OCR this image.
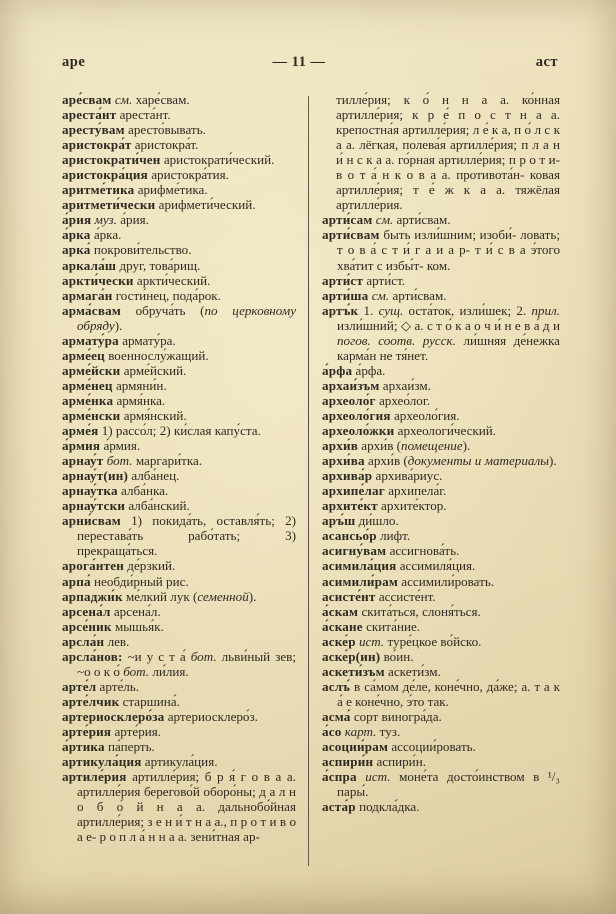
аре	— 11 —	аст

аре́свам см. харе́свам.

ареста́нт ареста́нт.

аресту́вам аресто́вывать.

аристокра́т аристокра́т.

аристократи́чен аристократи́ческий.

аристокра́ция аристокра́тия.

аритме́тика арифме́тика.

аритмети́чески арифмети́ческий.

а́рия муз. а́рия.

а́рка а́рка.

арка́ покрови́тельство.

аркала́ш друг, това́рищ.

аркти́чески аркти́ческий.

армага́н гости́нец, пода́рок.

арма́свам обруча́ть (по церковному обряду).

армату́ра армату́ра.

арме́ец военнослу́жащий.

арме́йски арме́йский.

арме́нец армяни́н.

арме́нка армя́нка.

арме́нски армя́нский.

арме́я 1) рассо́л; 2) ки́слая капу́ста.

а́рмия а́рмия.

арнау́т бот. маргари́тка.

арнау́т(ин) алба́нец.

арнау́тка алба́нка.

арнау́тски алба́нский.

арни́свам 1) покида́ть, оставля́ть; 2) перестава́ть рабо́тать; 3) прекраща́ться.

арога́нтен де́рзкий.

арпа́ необди́рный рис.

арпаджи́к ме́лкий лук (семенной).

арсена́л арсена́л.

арсе́ник мышья́к.

арсла́н лев.

арсла́нов: ~и у с т а́ бот. льви́ный зев; ~о о к о́ бот. ли́лия.

арте́л арте́ль.

арте́лчик старшина́.

артериосклеро́за артериосклеро́з.

арте́рия арте́рия.

а́ртика па́перть.

артикула́ция артикула́ция.

артиле́рия артилле́рия; б р я́ г о в а а. артилле́рия берегово́й оборо́ны; д а л н о б о́ й н а а. дальнобо́йная артилле́рия; з е н и́ т н а а., п р о т и в о а е- р о п л а́ н н а а. зени́тная ар-

тилле́рия; к о́ н н а а. ко́нная артилле́рия; к р е́ п о с т н а а. крепостна́я артилле́рия; л е́ к а, п о́ л с к а а. лёгкая, полева́я артилле́рия; п л а н и́ н с к а а. го́рная артилле́рия; п р о т и- в о т а́ н к о в а а. противота́н- ковая артилле́рия; т е́ ж к а а. тяжёлая артилле́рия.

арти́сам см. арти́свам.

арти́свам быть изли́шним; изоби́- ловать; т о в а́ с т и́ г а и а р- т и́ с в а э́того хва́тит с избы́т- ком.

арти́ст арти́ст.

арти́ша см. арти́свам.

артъ́к 1. сущ. оста́ток, изли́шек; 2. прил. изли́шний; ◇ а. с т о́ к а о ч и́ н е в а́ д и погов. соотв. русск. ли́шняя де́нежка карма́н не тя́нет.

а́рфа а́рфа.

архаи́зъм архаи́зм.

археоло́г архео́лог.

археоло́гия археоло́гия.

археоло́жки археологи́ческий.

архи́в архи́в (помещение).

архи́ва архи́в (документы и материалы).

архива́р архива́риус.

архипе́лаг архипела́г.

архите́кт архите́ктор.

аръ́ш ди́шло.

асансьо́р лифт.

асигну́вам ассигнова́ть.

асимила́ция ассимиля́ция.

асимили́рам ассимили́ровать.

асисте́нт ассисте́нт.

а́скам скита́ться, слоня́ться.

а́скане скита́ние.

аске́р ист. туре́цкое во́йско.

аске́р(ин) во́ин.

аскети́зъм аскети́зм.

аслъ́ в са́мом де́ле, коне́чно, да́же; а. т а к а́ е коне́чно, э́то так.

асма́ сорт виногра́да.

а́со карт. туз.

асоции́рам ассоции́ровать.

аспири́н аспири́н.

а́спра ист. моне́та досто́инством в ¹/₃ пары́.

аста́р подкла́дка.
